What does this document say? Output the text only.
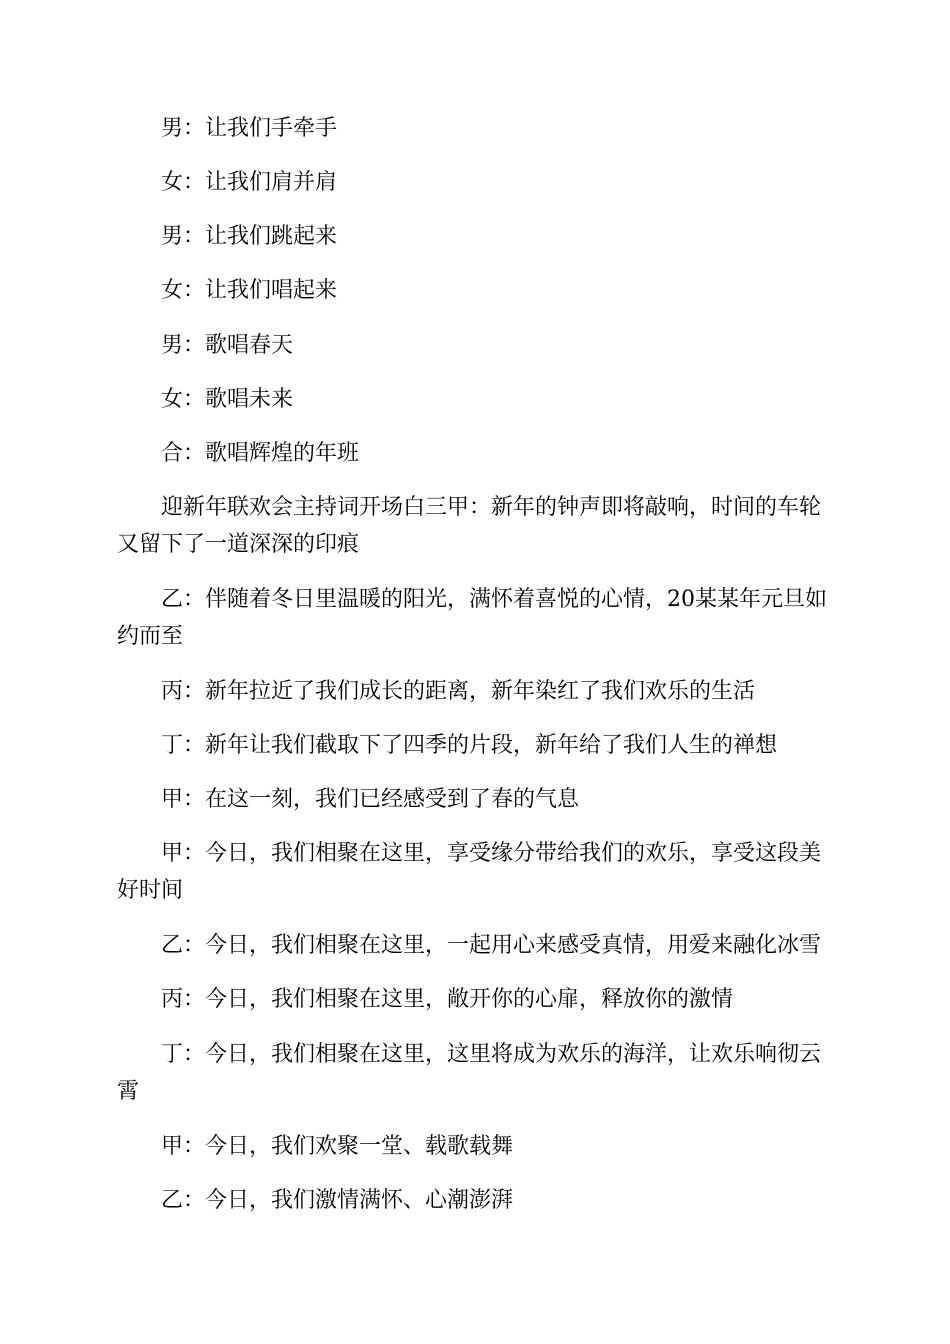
男：让我们手牵手

女：让我们肩并肩

男：让我们跳起来

女：让我们唱起来

男：歌唱春天

女：歌唱未来

合：歌唱辉煌的年班

迎新年联欢会主持词开场白三甲：新年的钟声即将敲响，时间的车轮又留下了一道深深的印痕

乙：伴随着冬日里温暖的阳光，满怀着喜悦的心情，20某某年元旦如约而至

丙：新年拉近了我们成长的距离，新年染红了我们欢乐的生活

丁：新年让我们截取下了四季的片段，新年给了我们人生的禅想

甲：在这一刻，我们已经感受到了春的气息

甲：今日，我们相聚在这里，享受缘分带给我们的欢乐，享受这段美好时间

乙：今日，我们相聚在这里，一起用心来感受真情，用爱来融化冰雪

丙：今日，我们相聚在这里，敞开你的心扉，释放你的激情

丁：今日，我们相聚在这里，这里将成为欢乐的海洋，让欢乐响彻云霄

甲：今日，我们欢聚一堂、载歌载舞

乙：今日，我们激情满怀、心潮澎湃
